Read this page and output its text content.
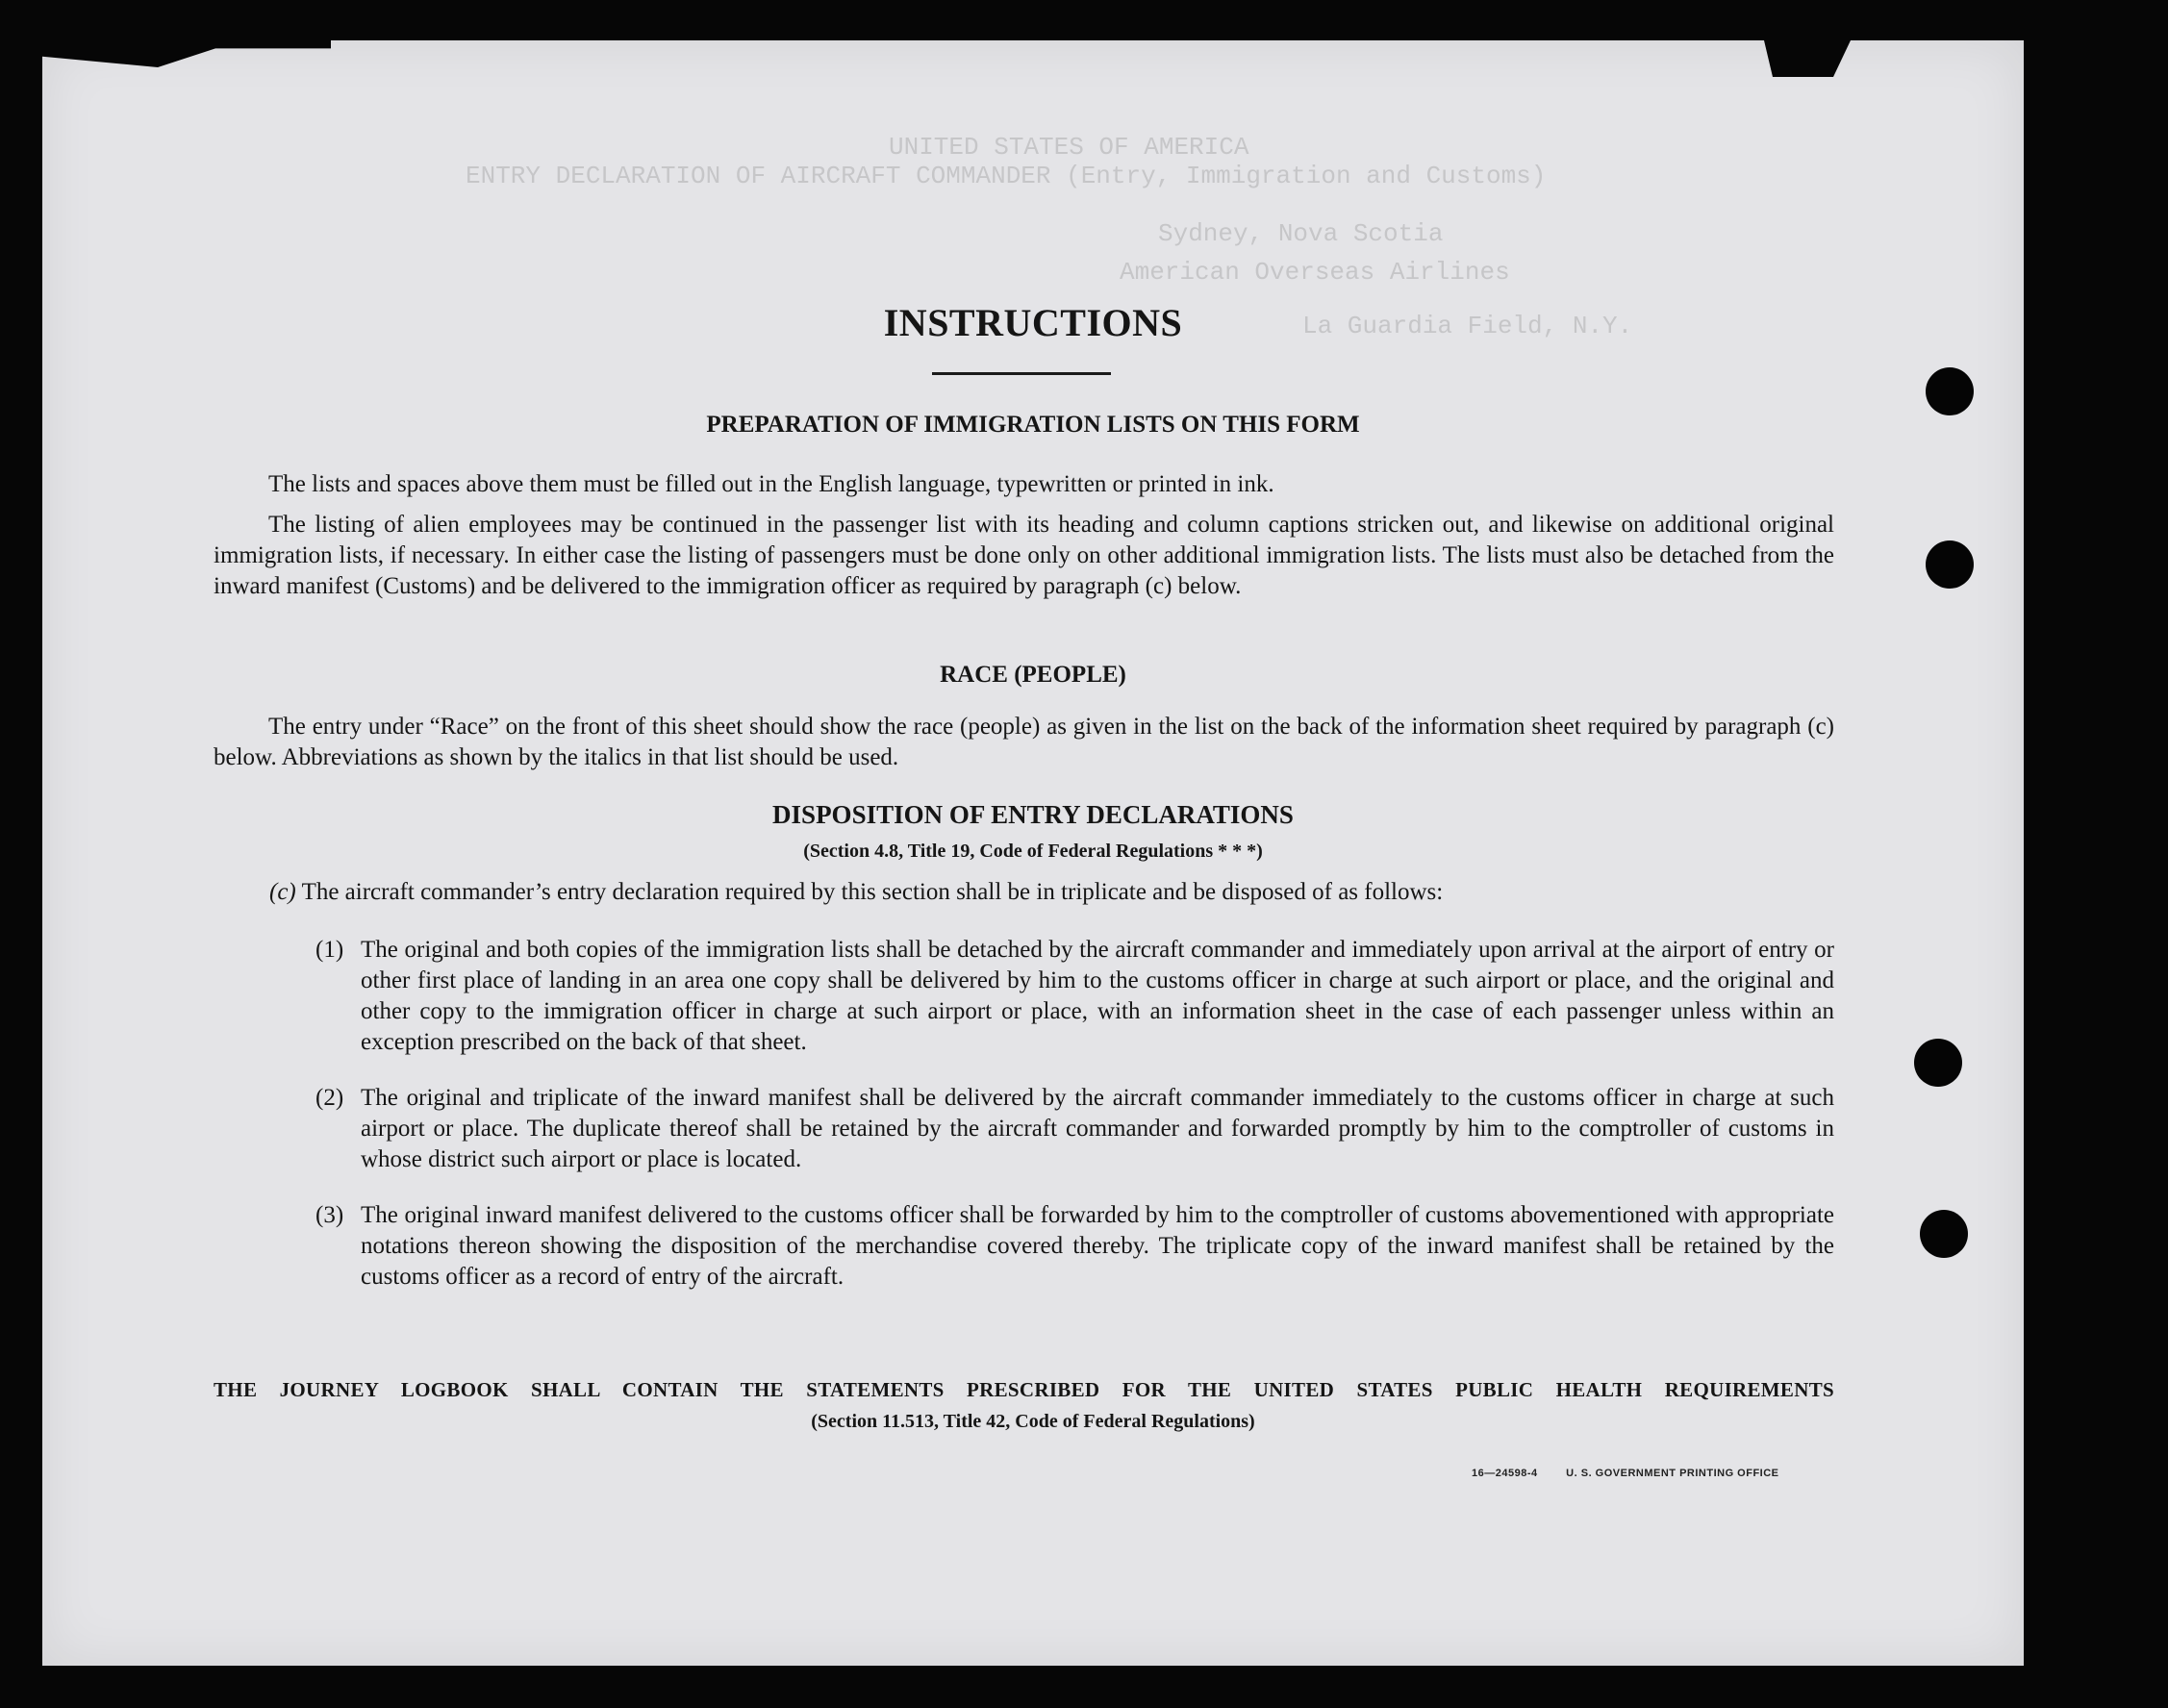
UNITED STATES OF AMERICA
ENTRY DECLARATION OF AIRCRAFT COMMANDER (Entry, Immigration and Customs)
Sydney, Nova Scotia
American Overseas Airlines
La Guardia Field, N.Y.
INSTRUCTIONS
PREPARATION OF IMMIGRATION LISTS ON THIS FORM
The lists and spaces above them must be filled out in the English language, typewritten or printed in ink.
The listing of alien employees may be continued in the passenger list with its heading and column captions stricken out, and likewise on additional original immigration lists, if necessary. In either case the listing of passengers must be done only on other additional immigration lists. The lists must also be detached from the inward manifest (Customs) and be delivered to the immigration officer as required by paragraph (c) below.
RACE (PEOPLE)
The entry under “Race” on the front of this sheet should show the race (people) as given in the list on the back of the information sheet required by paragraph (c) below. Abbreviations as shown by the italics in that list should be used.
DISPOSITION OF ENTRY DECLARATIONS
(Section 4.8, Title 19, Code of Federal Regulations * * *)
(c) The aircraft commander’s entry declaration required by this section shall be in triplicate and be disposed of as follows:
(1) The original and both copies of the immigration lists shall be detached by the aircraft commander and immediately upon arrival at the airport of entry or other first place of landing in an area one copy shall be delivered by him to the customs officer in charge at such airport or place, and the original and other copy to the immigration officer in charge at such airport or place, with an information sheet in the case of each passenger unless within an exception prescribed on the back of that sheet.
(2) The original and triplicate of the inward manifest shall be delivered by the aircraft commander immediately to the customs officer in charge at such airport or place. The duplicate thereof shall be retained by the aircraft commander and forwarded promptly by him to the comptroller of customs in whose district such airport or place is located.
(3) The original inward manifest delivered to the customs officer shall be forwarded by him to the comptroller of customs abovementioned with appropriate notations thereon showing the disposition of the merchandise covered thereby. The triplicate copy of the inward manifest shall be retained by the customs officer as a record of entry of the aircraft.
THE JOURNEY LOGBOOK SHALL CONTAIN THE STATEMENTS PRESCRIBED FOR THE UNITED STATES PUBLIC HEALTH REQUIREMENTS
(Section 11.513, Title 42, Code of Federal Regulations)
16—24598-4	U. S. GOVERNMENT PRINTING OFFICE
